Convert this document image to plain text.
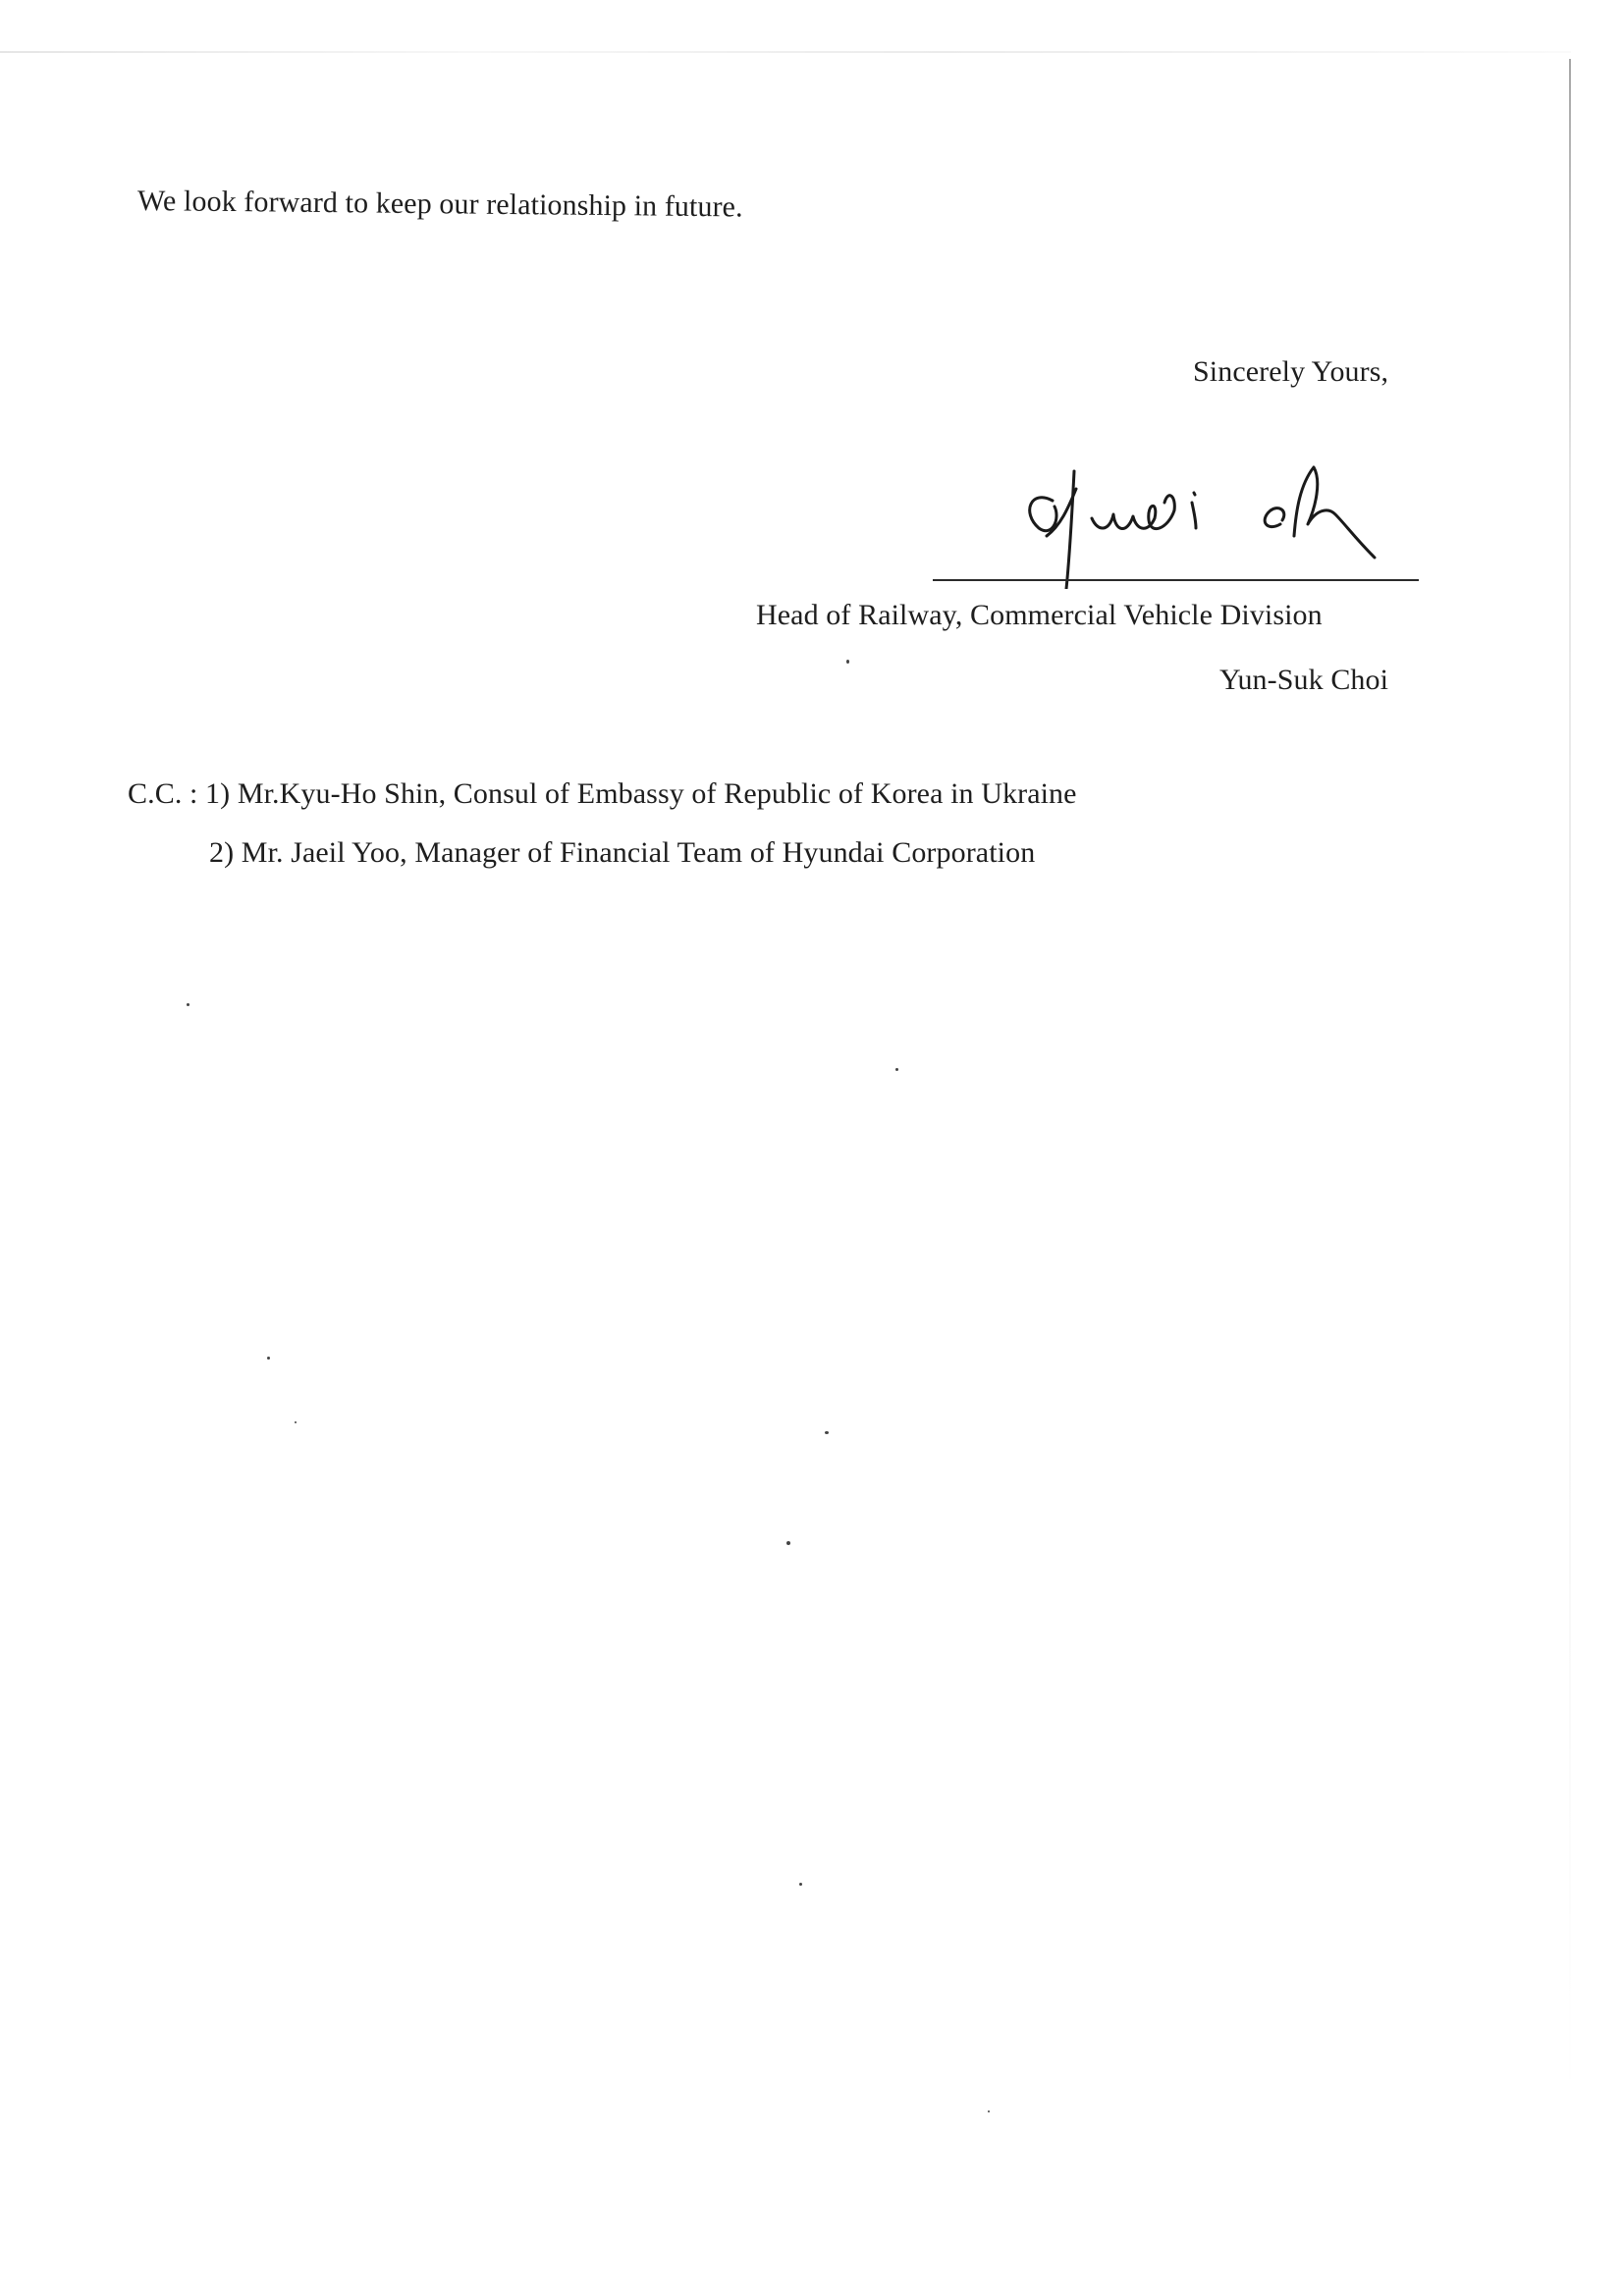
We look forward to keep our relationship in future.
Sincerely Yours,
Head of Railway, Commercial Vehicle Division
Yun-Suk Choi
C.C. : 1) Mr.Kyu-Ho Shin, Consul of Embassy of Republic of Korea in Ukraine
2) Mr. Jaeil Yoo, Manager of Financial Team of Hyundai Corporation
